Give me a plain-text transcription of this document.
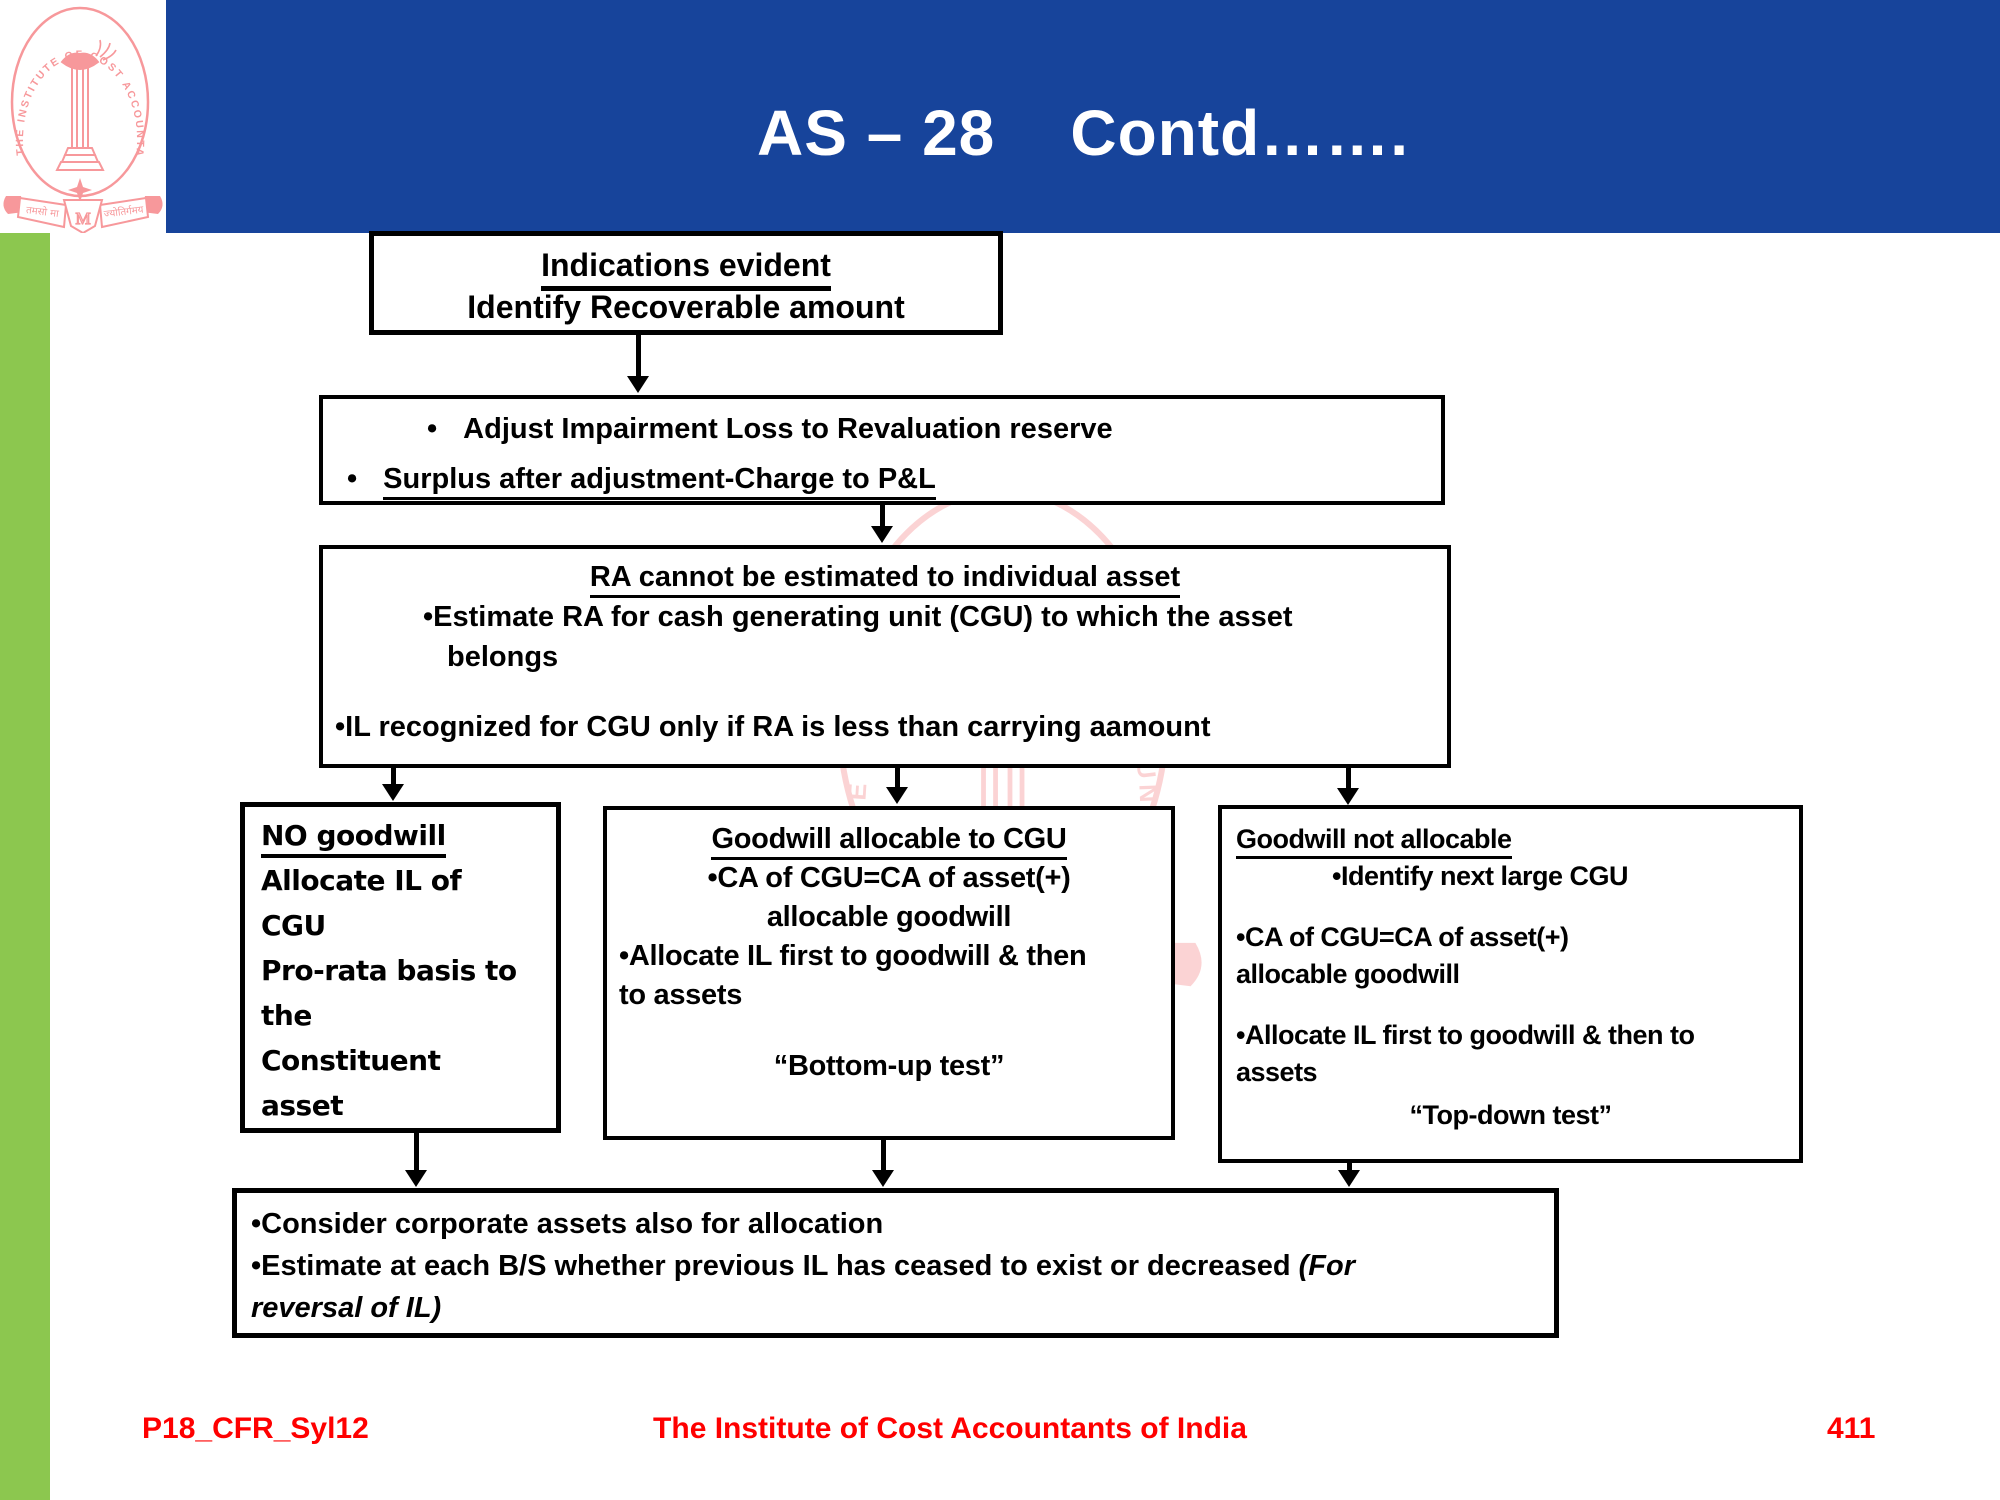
AS – 28    Contd…….
Indications evident
Identify Recoverable amount
• Adjust Impairment Loss to Revaluation reserve
• Surplus after adjustment-Charge to P&L
RA cannot be estimated to individual asset
•Estimate RA for cash generating unit (CGU) to which the asset
belongs
•IL recognized for CGU only if RA is less than carrying aamount
NO goodwill
Allocate IL of
CGU
Pro-rata basis to
the
Constituent
asset
Goodwill allocable to CGU
•CA of CGU=CA of asset(+)
allocable goodwill
•Allocate IL first to goodwill & then
to assets
“Bottom-up test”
Goodwill not allocable
•Identify next large CGU
•CA of CGU=CA of asset(+)
allocable goodwill
•Allocate IL first to goodwill & then to
assets
“Top-down test”
•Consider corporate assets also for allocation
•Estimate at each B/S whether previous IL has ceased to exist or decreased (For
reversal of IL)
P18_CFR_Syl12	The Institute of Cost Accountants of India	411
